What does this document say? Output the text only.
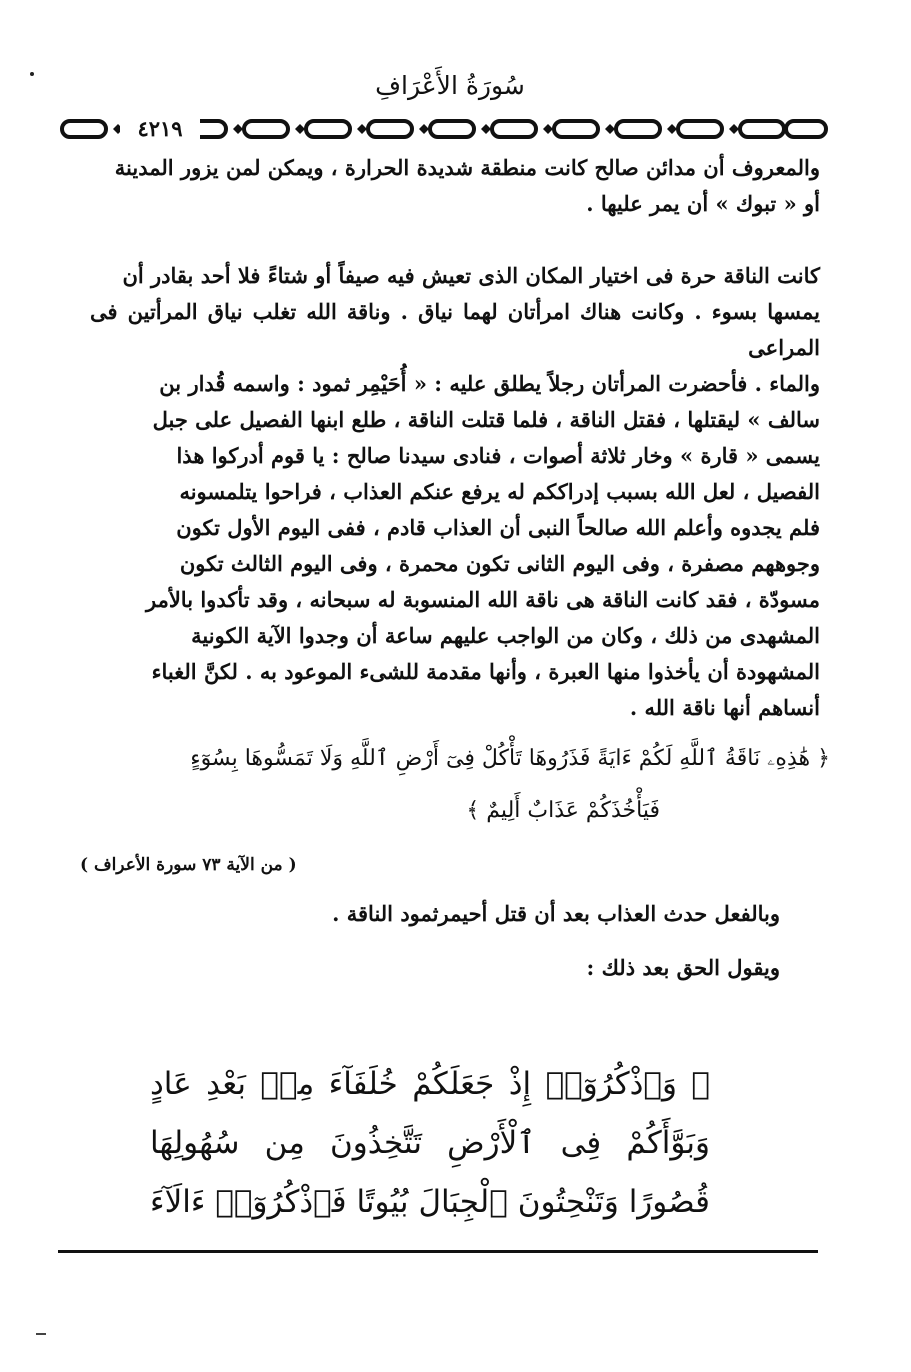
سُورَةُ الأَعْرَافِ
٤٢١٩

والمعروف أن مدائن صالح كانت منطقة شديدة الحرارة ، ويمكن لمن يزور المدينة

أو « تبوك » أن يمر عليها .

كانت الناقة حرة فى اختيار المكان الذى تعيش فيه صيفاً أو شتاءً فلا أحد بقادر أن

يمسها بسوء . وكانت هناك امرأتان لهما نياق . وناقة الله تغلب نياق المرأتين فى المراعى

والماء . فأحضرت المرأتان رجلاً يطلق عليه : « أُحَيْمِر ثمود : واسمه قُدار بن

سالف » ليقتلها ، فقتل الناقة ، فلما قتلت الناقة ، طلع ابنها الفصيل على جبل

يسمى « قارة » وخار ثلاثة أصوات ، فنادى سيدنا صالح : يا قوم أدركوا هذا

الفصيل ، لعل الله بسبب إدراككم له يرفع عنكم العذاب ، فراحوا يتلمسونه

فلم يجدوه وأعلم الله صالحاً النبى أن العذاب قادم ، ففى اليوم الأول تكون

وجوههم مصفرة ، وفى اليوم الثانى تكون محمرة ، وفى اليوم الثالث تكون

مسودّة ، فقد كانت الناقة هى ناقة الله المنسوبة له سبحانه ، وقد تأكدوا بالأمر

المشهدى من ذلك ، وكان من الواجب عليهم ساعة أن وجدوا الآية الكونية

المشهودة أن يأخذوا منها العبرة ، وأنها مقدمة للشىء الموعود به . لكنَّ الغباء

أنساهم أنها ناقة الله .

﴿ هَٰذِهِۦ نَاقَةُ ٱللَّهِ لَكُمْ ءَايَةً فَذَرُوهَا تَأْكُلْ فِىٓ أَرْضِ ٱللَّهِ وَلَا تَمَسُّوهَا بِسُوٓءٍ

فَيَأْخُذَكُمْ عَذَابٌ أَلِيمٌ ﴾

( من الآية ٧٣ سورة الأعراف )

وبالفعل حدث العذاب بعد أن قتل أحيمرثمود الناقة .

ويقول الحق بعد ذلك :

﴿ وَٱذْكُرُوٓا۟ إِذْ جَعَلَكُمْ خُلَفَآءَ مِنۢ بَعْدِ عَادٍ

وَبَوَّأَكُمْ فِى ٱلْأَرْضِ تَتَّخِذُونَ مِن سُهُولِهَا

قُصُورًا وَتَنْحِتُونَ ٱلْجِبَالَ بُيُوتًا فَٱذْكُرُوٓا۟ ءَالَآءَ
